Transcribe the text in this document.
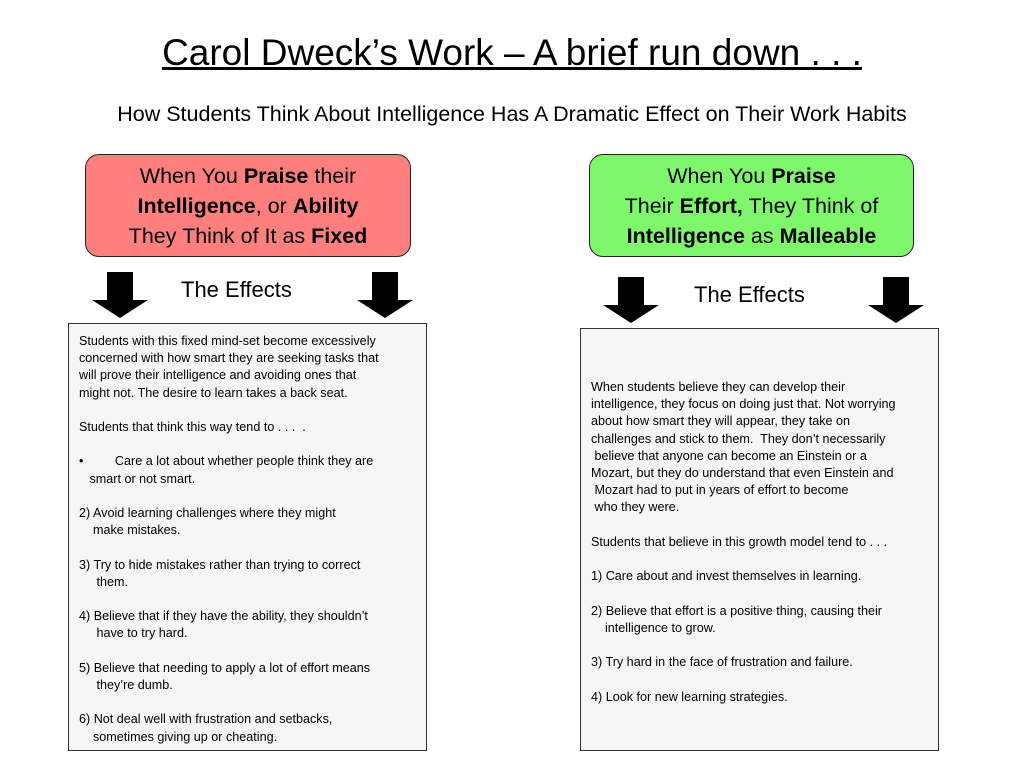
Carol Dweck’s Work – A brief run down . . .
How Students Think About Intelligence Has A Dramatic Effect on Their Work Habits
When You Praise their
Intelligence, or Ability
They Think of It as Fixed
When You Praise
Their Effort, They Think of
Intelligence as Malleable
The Effects	The Effects
Students with this fixed mind-set become excessively
concerned with how smart they are seeking tasks that
will prove their intelligence and avoiding ones that
might not. The desire to learn takes a back seat.
Students that think this way tend to . . .  .
•         Care a lot about whether people think they are
smart or not smart.
2) Avoid learning challenges where they might
make mistakes.
3) Try to hide mistakes rather than trying to correct
them.
4) Believe that if they have the ability, they shouldn’t
have to try hard.
5) Believe that needing to apply a lot of effort means
they’re dumb.
6) Not deal well with frustration and setbacks,
sometimes giving up or cheating.
When students believe they can develop their
intelligence, they focus on doing just that. Not worrying
about how smart they will appear, they take on
challenges and stick to them.  They don’t necessarily
believe that anyone can become an Einstein or a
Mozart, but they do understand that even Einstein and
Mozart had to put in years of effort to become
who they were.
Students that believe in this growth model tend to . . .
1) Care about and invest themselves in learning.
2) Believe that effort is a positive thing, causing their
intelligence to grow.
3) Try hard in the face of frustration and failure.
4) Look for new learning strategies.
